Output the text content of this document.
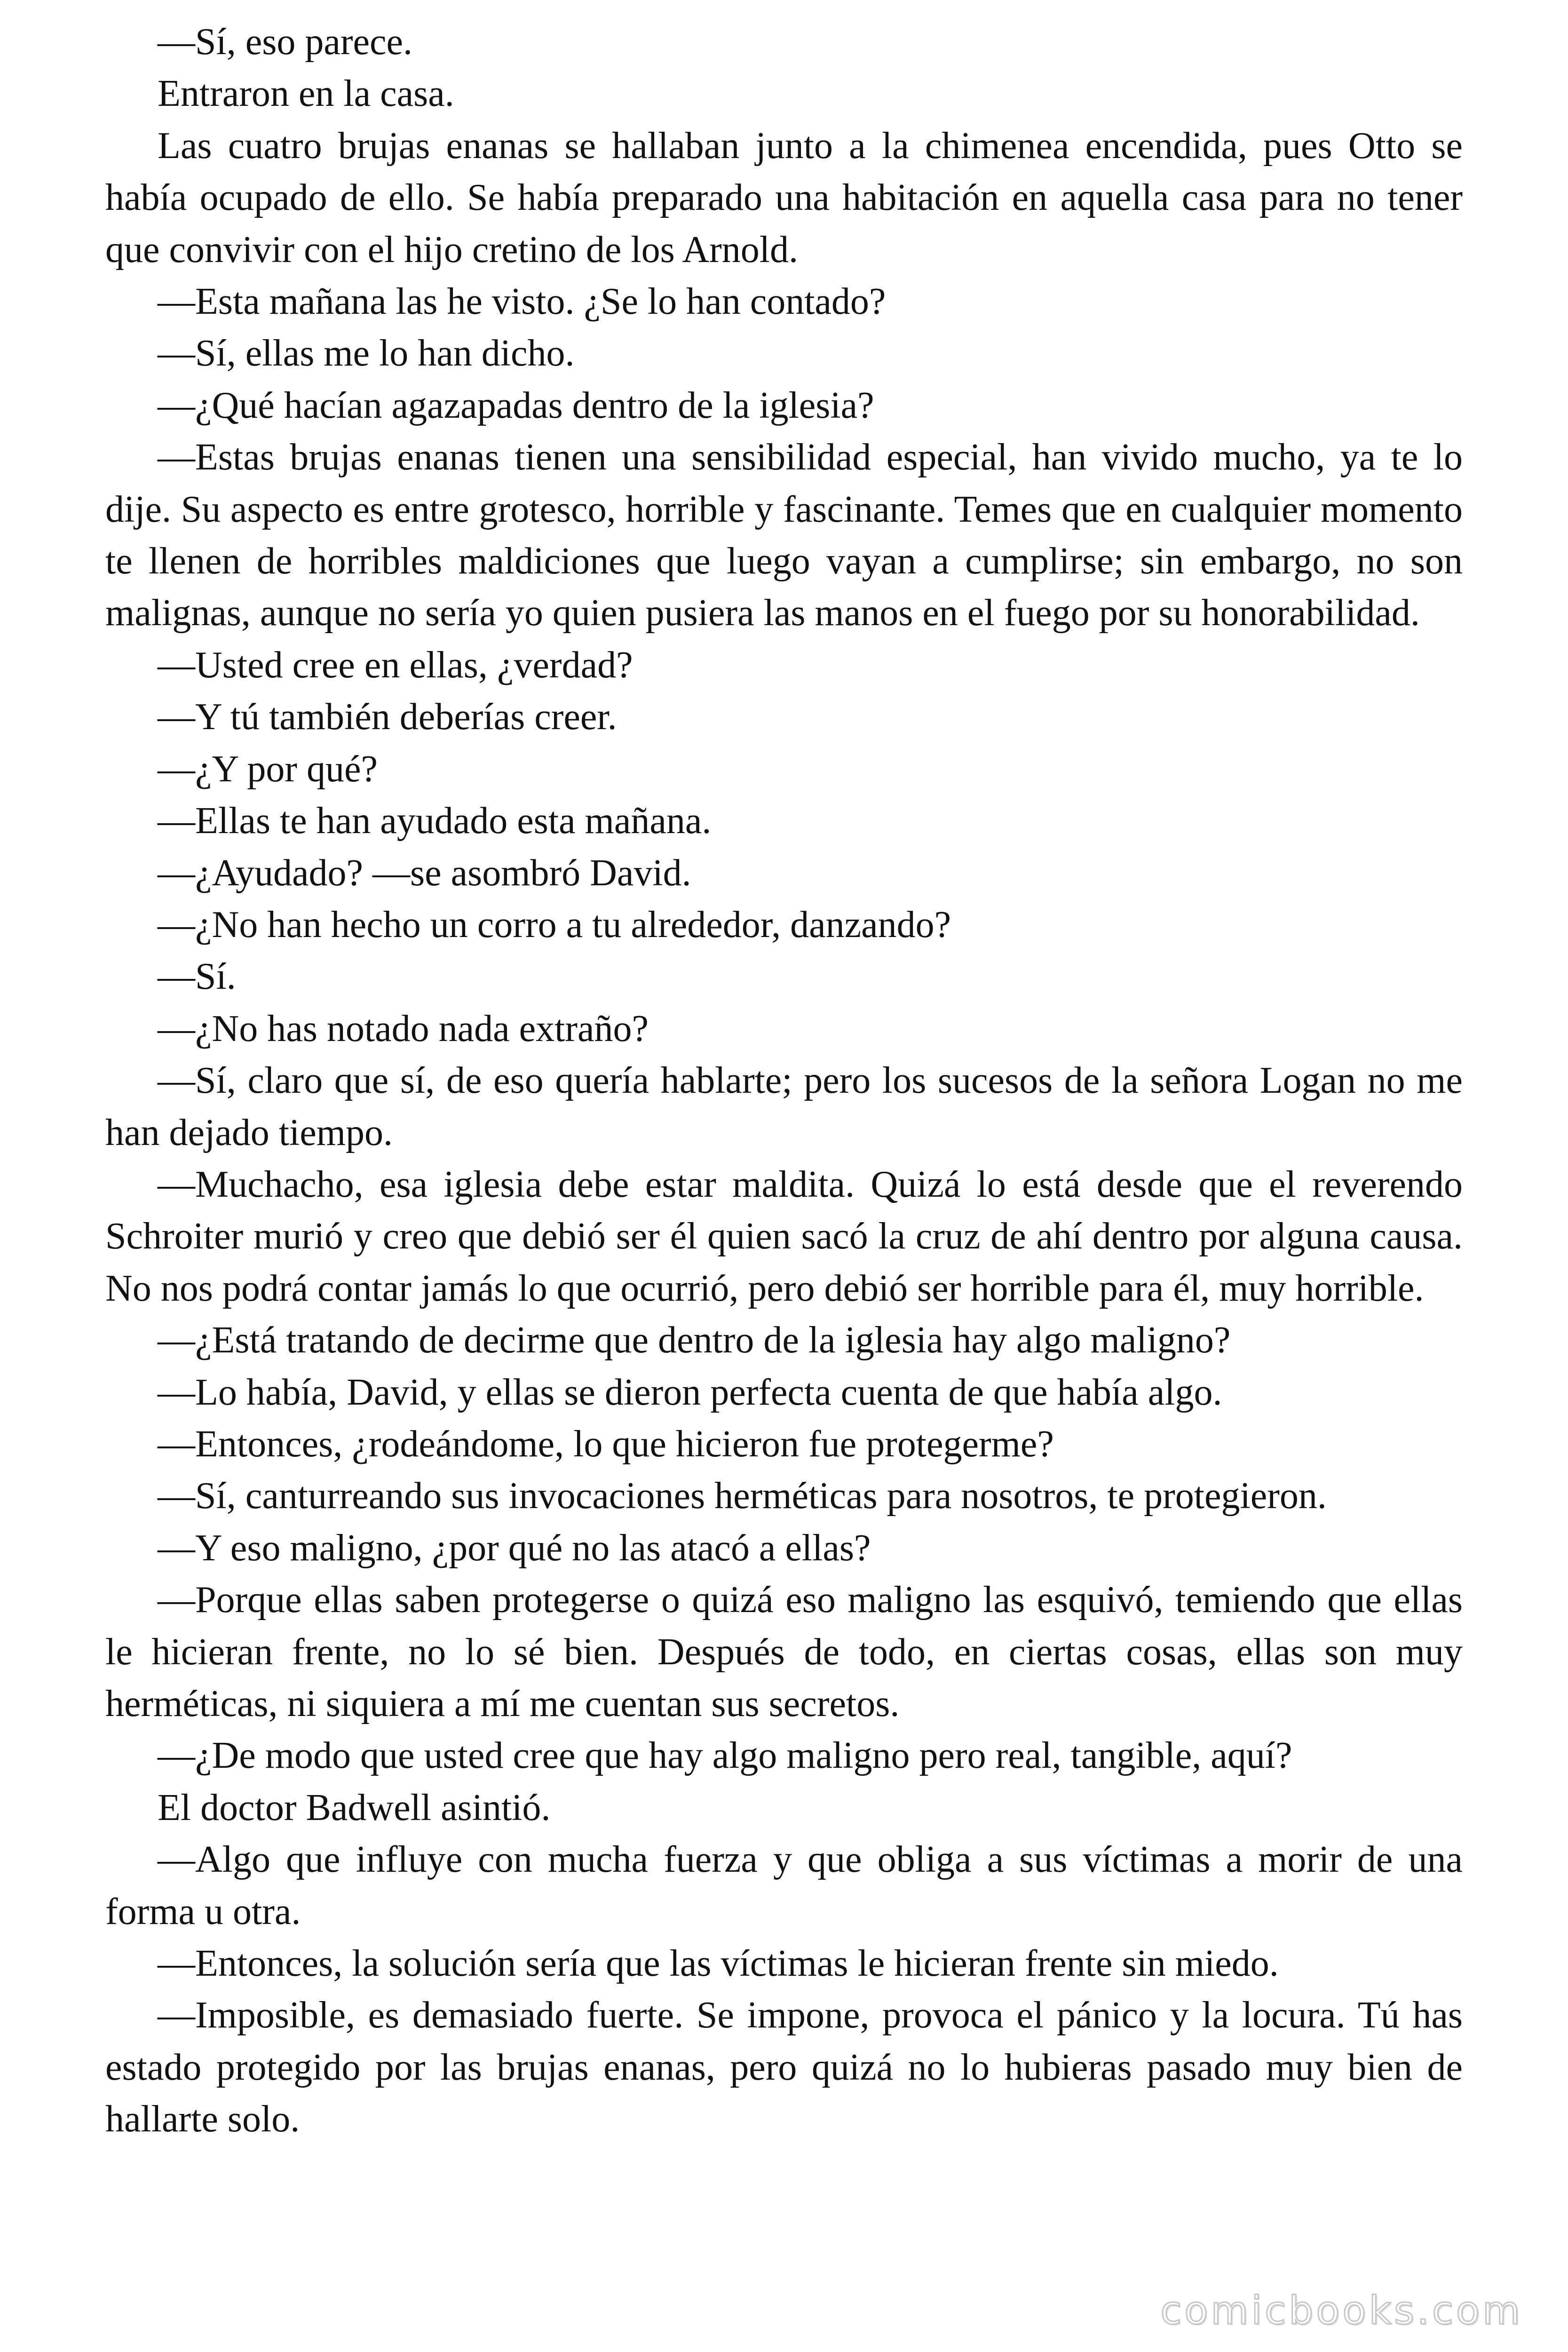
—Sí, eso parece.

Entraron en la casa.

Las cuatro brujas enanas se hallaban junto a la chimenea encendida, pues Otto se había ocupado de ello. Se había preparado una habitación en aquella casa para no tener que convivir con el hijo cretino de los Arnold.

—Esta mañana las he visto. ¿Se lo han contado?

—Sí, ellas me lo han dicho.

—¿Qué hacían agazapadas dentro de la iglesia?

—Estas brujas enanas tienen una sensibilidad especial, han vivido mucho, ya te lo dije. Su aspecto es entre grotesco, horrible y fascinante. Temes que en cualquier momento te llenen de horribles maldiciones que luego vayan a cumplirse; sin embargo, no son malignas, aunque no sería yo quien pusiera las manos en el fuego por su honorabilidad.

—Usted cree en ellas, ¿verdad?

—Y tú también deberías creer.

—¿Y por qué?

—Ellas te han ayudado esta mañana.

—¿Ayudado? —se asombró David.

—¿No han hecho un corro a tu alrededor, danzando?

—Sí.

—¿No has notado nada extraño?

—Sí, claro que sí, de eso quería hablarte; pero los sucesos de la señora Logan no me han dejado tiempo.

—Muchacho, esa iglesia debe estar maldita. Quizá lo está desde que el reverendo Schroiter murió y creo que debió ser él quien sacó la cruz de ahí dentro por alguna causa. No nos podrá contar jamás lo que ocurrió, pero debió ser horrible para él, muy horrible.

—¿Está tratando de decirme que dentro de la iglesia hay algo maligno?

—Lo había, David, y ellas se dieron perfecta cuenta de que había algo.

—Entonces, ¿rodeándome, lo que hicieron fue protegerme?

—Sí, canturreando sus invocaciones herméticas para nosotros, te protegieron.

—Y eso maligno, ¿por qué no las atacó a ellas?

—Porque ellas saben protegerse o quizá eso maligno las esquivó, temiendo que ellas le hicieran frente, no lo sé bien. Después de todo, en ciertas cosas, ellas son muy herméticas, ni siquiera a mí me cuentan sus secretos.

—¿De modo que usted cree que hay algo maligno pero real, tangible, aquí?

El doctor Badwell asintió.

—Algo que influye con mucha fuerza y que obliga a sus víctimas a morir de una forma u otra.

—Entonces, la solución sería que las víctimas le hicieran frente sin miedo.

—Imposible, es demasiado fuerte. Se impone, provoca el pánico y la locura. Tú has estado protegido por las brujas enanas, pero quizá no lo hubieras pasado muy bien de hallarte solo.

comicbooks.com
